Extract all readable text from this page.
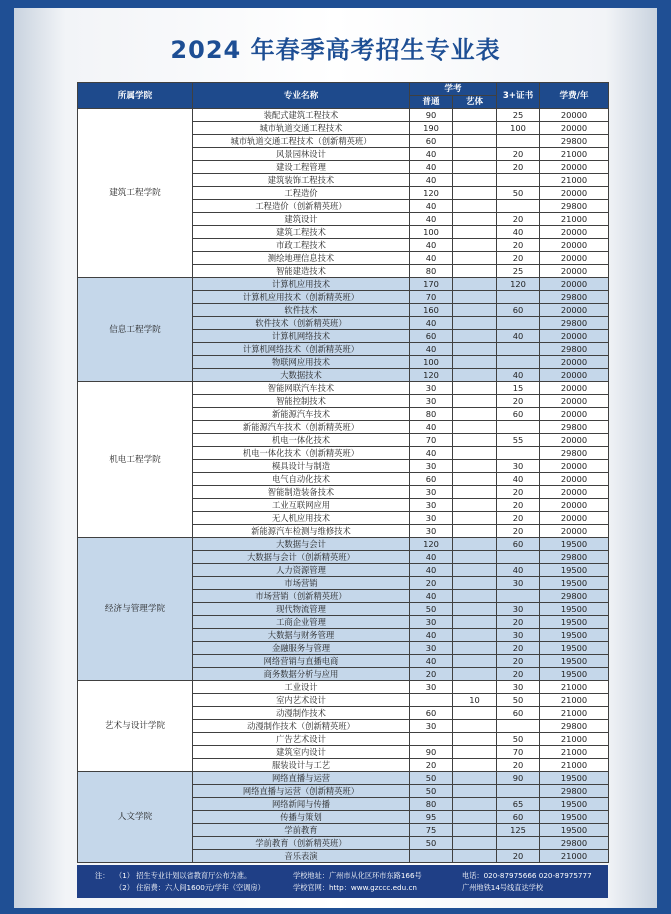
2024 年春季高考招生专业表
所属学院	专业名称	学考		3+证书	学费/年
		普通	艺体		
建筑工程学院	装配式建筑工程技术	90		25	20000
	城市轨道交通工程技术	190		100	20000
	城市轨道交通工程技术（创新精英班）	60			29800
	风景园林设计	40		20	21000
	建设工程管理	40		20	20000
	建筑装饰工程技术	40			21000
	工程造价	120		50	20000
	工程造价（创新精英班）	40			29800
	建筑设计	40		20	21000
	建筑工程技术	100		40	20000
	市政工程技术	40		20	20000
	测绘地理信息技术	40		20	20000
	智能建造技术	80		25	20000
信息工程学院	计算机应用技术	170		120	20000
	计算机应用技术（创新精英班）	70			29800
	软件技术	160		60	20000
	软件技术（创新精英班）	40			29800
	计算机网络技术	60		40	20000
	计算机网络技术（创新精英班）	40			29800
	物联网应用技术	100			20000
	大数据技术	120		40	20000
机电工程学院	智能网联汽车技术	30		15	20000
	智能控制技术	30		20	20000
	新能源汽车技术	80		60	20000
	新能源汽车技术（创新精英班）	40			29800
	机电一体化技术	70		55	20000
	机电一体化技术（创新精英班）	40			29800
	模具设计与制造	30		30	20000
	电气自动化技术	60		40	20000
	智能制造装备技术	30		20	20000
	工业互联网应用	30		20	20000
	无人机应用技术	30		20	20000
	新能源汽车检测与维修技术	30		20	20000
经济与管理学院	大数据与会计	120		60	19500
	大数据与会计（创新精英班）	40			29800
	人力资源管理	40		40	19500
	市场营销	20		30	19500
	市场营销（创新精英班）	40			29800
	现代物流管理	50		30	19500
	工商企业管理	30		20	19500
	大数据与财务管理	40		30	19500
	金融服务与管理	30		20	19500
	网络营销与直播电商	40		20	19500
	商务数据分析与应用	20		20	19500
艺术与设计学院	工业设计	30		30	21000
	室内艺术设计		10	50	21000
	动漫制作技术	60		60	21000
	动漫制作技术（创新精英班）	30			29800
	广告艺术设计			50	21000
	建筑室内设计	90		70	21000
	服装设计与工艺	20		20	21000
人文学院	网络直播与运营	50		90	19500
	网络直播与运营（创新精英班）	50			29800
	网络新闻与传播	80		65	19500
	传播与策划	95		60	19500
	学前教育	75		125	19500
	学前教育（创新精英班）	50			29800
	音乐表演			20	21000
注： （1） 招生专业计划以省教育厅公布为准。
（2） 住宿费：六人间1600元/学年（空调房）
学校地址：广州市从化区环市东路166号
学校官网：http：www.gzccc.edu.cn
电话：020-87975666 020-87975777
广州地铁14号线直达学校
